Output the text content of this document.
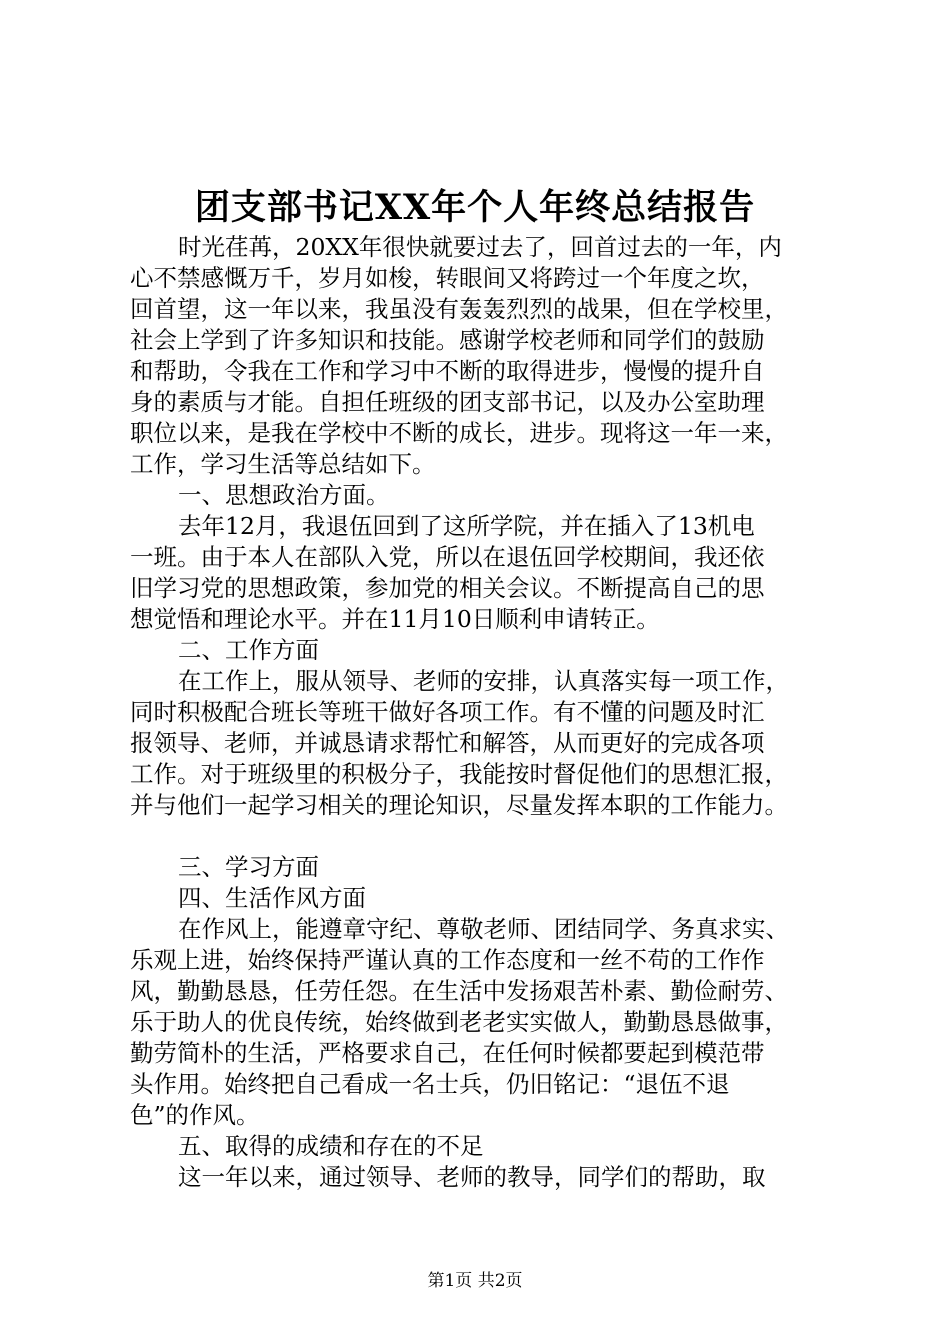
团支部书记XX年个人年终总结报告
时光荏苒，20XX年很快就要过去了，回首过去的一年，内
心不禁感慨万千，岁月如梭，转眼间又将跨过一个年度之坎，
回首望，这一年以来，我虽没有轰轰烈烈的战果，但在学校里，
社会上学到了许多知识和技能。感谢学校老师和同学们的鼓励
和帮助，令我在工作和学习中不断的取得进步，慢慢的提升自
身的素质与才能。自担任班级的团支部书记，以及办公室助理
职位以来，是我在学校中不断的成长，进步。现将这一年一来，
工作，学习生活等总结如下。
一、思想政治方面。
去年12月，我退伍回到了这所学院，并在插入了13机电
一班。由于本人在部队入党，所以在退伍回学校期间，我还依
旧学习党的思想政策，参加党的相关会议。不断提高自己的思
想觉悟和理论水平。并在11月10日顺利申请转正。
二、工作方面
在工作上，服从领导、老师的安排，认真落实每一项工作，
同时积极配合班长等班干做好各项工作。有不懂的问题及时汇
报领导、老师，并诚恳请求帮忙和解答，从而更好的完成各项
工作。对于班级里的积极分子，我能按时督促他们的思想汇报，
并与他们一起学习相关的理论知识，尽量发挥本职的工作能力。
三、学习方面
四、生活作风方面
在作风上，能遵章守纪、尊敬老师、团结同学、务真求实、
乐观上进，始终保持严谨认真的工作态度和一丝不苟的工作作
风，勤勤恳恳，任劳任怨。在生活中发扬艰苦朴素、勤俭耐劳、
乐于助人的优良传统，始终做到老老实实做人，勤勤恳恳做事，
勤劳简朴的生活，严格要求自己，在任何时候都要起到模范带
头作用。始终把自己看成一名士兵，仍旧铭记：“退伍不退
色”的作风。
五、取得的成绩和存在的不足
这一年以来，通过领导、老师的教导，同学们的帮助，取
第1页 共2页
